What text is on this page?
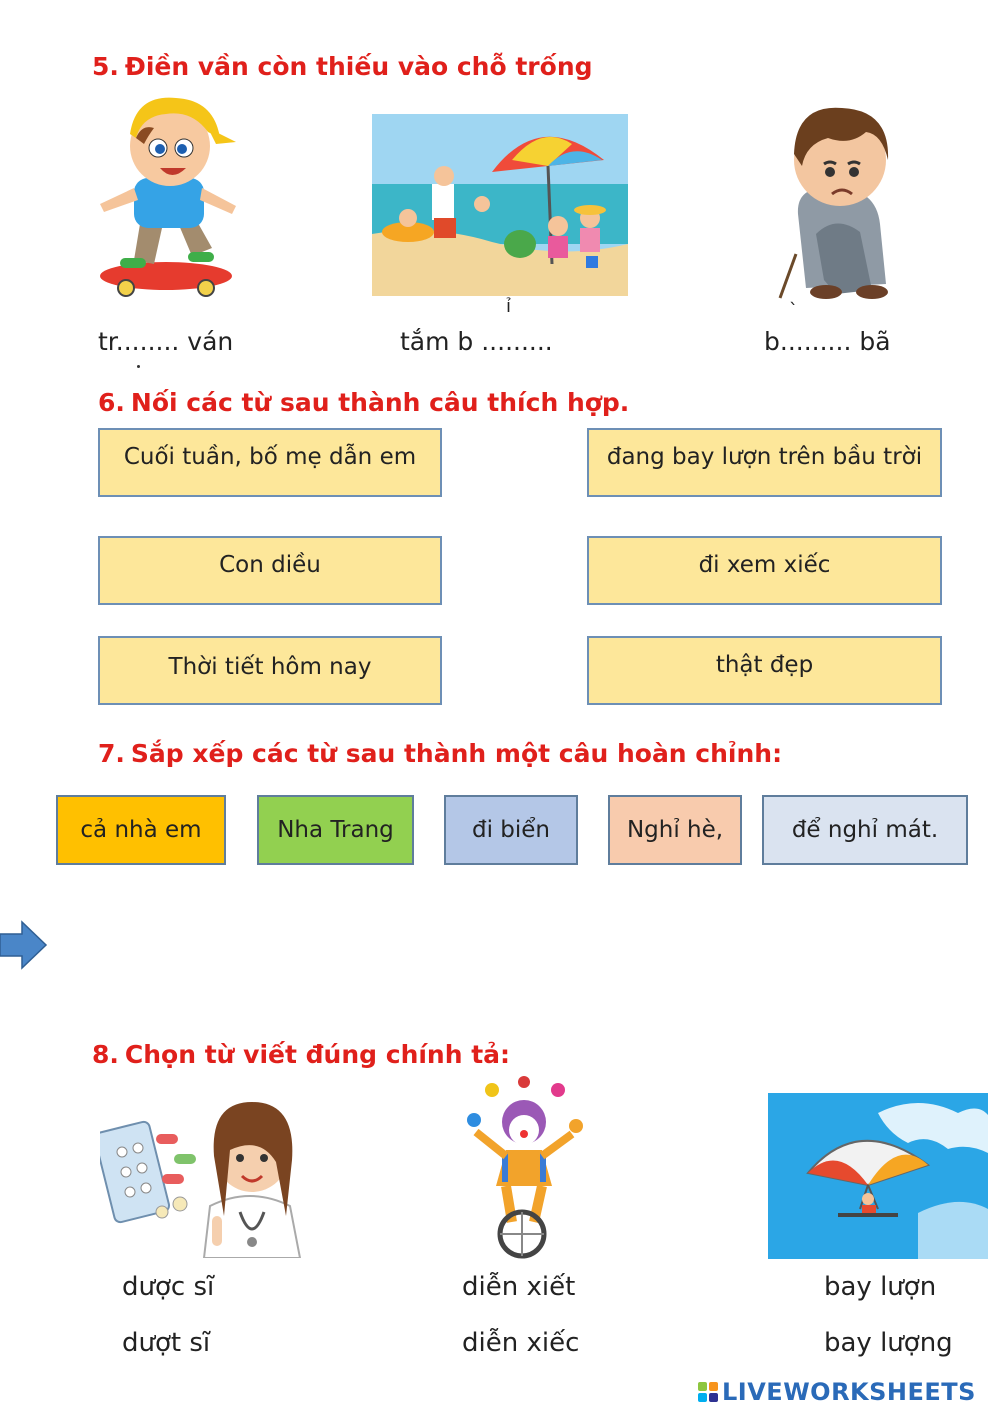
5. Điền vần còn thiếu vào chỗ trống
tr........ ván	tắm b .........	b......... bã
ỉ
6. Nối các từ sau thành câu thích hợp.
Cuối tuần, bố mẹ dẫn em	đang bay lượn trên bầu trời
Con diều	đi xem xiếc
Thời tiết hôm nay	thật đẹp
7. Sắp xếp các từ sau thành một câu hoàn chỉnh:
cả nhà em	Nha Trang	đi biển	Nghỉ hè,	để nghỉ mát.
8. Chọn từ viết đúng chính tả:
dược sĩ
dượt sĩ
diễn xiết
diễn xiếc
bay lượn
bay lượng
LIVEWORKSHEETS
